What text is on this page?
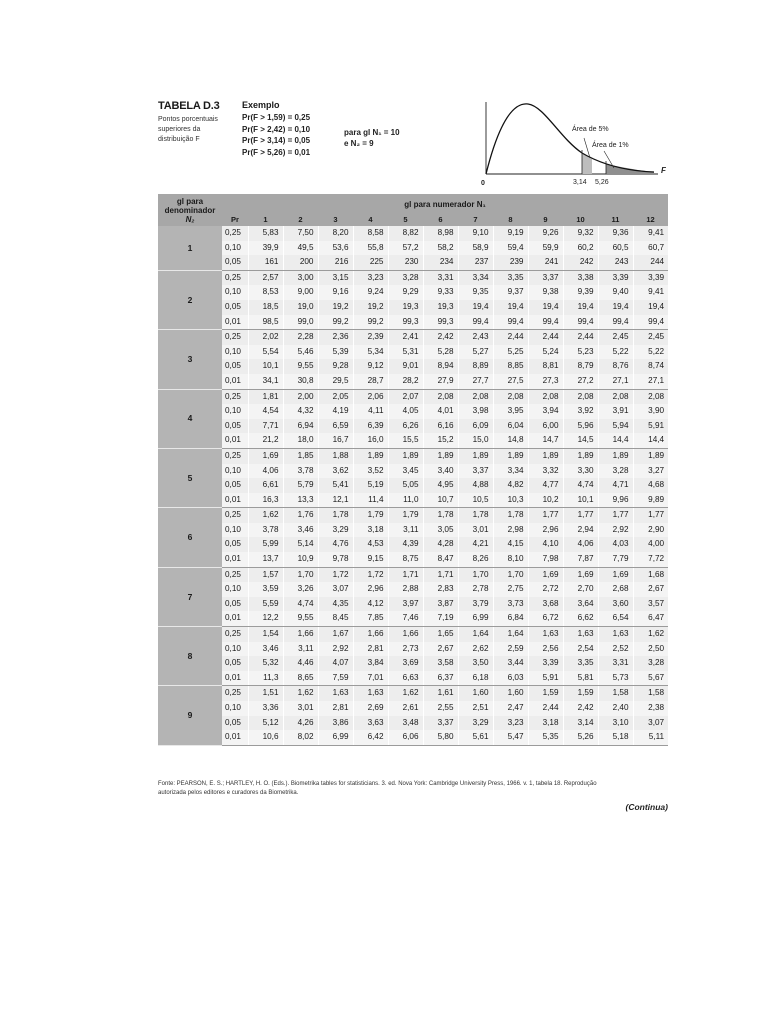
TABELA D.3
Pontos porcentuais
superiores da
distribuição F
Exemplo
Pr(F > 1,59) = 0,25
Pr(F > 2,42) = 0,10
Pr(F > 3,14) = 0,05
Pr(F > 5,26) = 0,01
para gl N₁ = 10
e N₂ = 9
Área de 5%
Área de 1%
F
0	3,14 5,26
gl para
denominador
N₂	gl para numerador N₁												
	Pr	1	2	3	4	5	6	7	8	9	10	11	12
1	0,25	5,83	7,50	8,20	8,58	8,82	8,98	9,10	9,19	9,26	9,32	9,36	9,41
	0,10	39,9	49,5	53,6	55,8	57,2	58,2	58,9	59,4	59,9	60,2	60,5	60,7
	0,05	161	200	216	225	230	234	237	239	241	242	243	244
2	0,25	2,57	3,00	3,15	3,23	3,28	3,31	3,34	3,35	3,37	3,38	3,39	3,39
	0,10	8,53	9,00	9,16	9,24	9,29	9,33	9,35	9,37	9,38	9,39	9,40	9,41
	0,05	18,5	19,0	19,2	19,2	19,3	19,3	19,4	19,4	19,4	19,4	19,4	19,4
	0,01	98,5	99,0	99,2	99,2	99,3	99,3	99,4	99,4	99,4	99,4	99,4	99,4
3	0,25	2,02	2,28	2,36	2,39	2,41	2,42	2,43	2,44	2,44	2,44	2,45	2,45
	0,10	5,54	5,46	5,39	5,34	5,31	5,28	5,27	5,25	5,24	5,23	5,22	5,22
	0,05	10,1	9,55	9,28	9,12	9,01	8,94	8,89	8,85	8,81	8,79	8,76	8,74
	0,01	34,1	30,8	29,5	28,7	28,2	27,9	27,7	27,5	27,3	27,2	27,1	27,1
4	0,25	1,81	2,00	2,05	2,06	2,07	2,08	2,08	2,08	2,08	2,08	2,08	2,08
	0,10	4,54	4,32	4,19	4,11	4,05	4,01	3,98	3,95	3,94	3,92	3,91	3,90
	0,05	7,71	6,94	6,59	6,39	6,26	6,16	6,09	6,04	6,00	5,96	5,94	5,91
	0,01	21,2	18,0	16,7	16,0	15,5	15,2	15,0	14,8	14,7	14,5	14,4	14,4
5	0,25	1,69	1,85	1,88	1,89	1,89	1,89	1,89	1,89	1,89	1,89	1,89	1,89
	0,10	4,06	3,78	3,62	3,52	3,45	3,40	3,37	3,34	3,32	3,30	3,28	3,27
	0,05	6,61	5,79	5,41	5,19	5,05	4,95	4,88	4,82	4,77	4,74	4,71	4,68
	0,01	16,3	13,3	12,1	11,4	11,0	10,7	10,5	10,3	10,2	10,1	9,96	9,89
6	0,25	1,62	1,76	1,78	1,79	1,79	1,78	1,78	1,78	1,77	1,77	1,77	1,77
	0,10	3,78	3,46	3,29	3,18	3,11	3,05	3,01	2,98	2,96	2,94	2,92	2,90
	0,05	5,99	5,14	4,76	4,53	4,39	4,28	4,21	4,15	4,10	4,06	4,03	4,00
	0,01	13,7	10,9	9,78	9,15	8,75	8,47	8,26	8,10	7,98	7,87	7,79	7,72
7	0,25	1,57	1,70	1,72	1,72	1,71	1,71	1,70	1,70	1,69	1,69	1,69	1,68
	0,10	3,59	3,26	3,07	2,96	2,88	2,83	2,78	2,75	2,72	2,70	2,68	2,67
	0,05	5,59	4,74	4,35	4,12	3,97	3,87	3,79	3,73	3,68	3,64	3,60	3,57
	0,01	12,2	9,55	8,45	7,85	7,46	7,19	6,99	6,84	6,72	6,62	6,54	6,47
8	0,25	1,54	1,66	1,67	1,66	1,66	1,65	1,64	1,64	1,63	1,63	1,63	1,62
	0,10	3,46	3,11	2,92	2,81	2,73	2,67	2,62	2,59	2,56	2,54	2,52	2,50
	0,05	5,32	4,46	4,07	3,84	3,69	3,58	3,50	3,44	3,39	3,35	3,31	3,28
	0,01	11,3	8,65	7,59	7,01	6,63	6,37	6,18	6,03	5,91	5,81	5,73	5,67
9	0,25	1,51	1,62	1,63	1,63	1,62	1,61	1,60	1,60	1,59	1,59	1,58	1,58
	0,10	3,36	3,01	2,81	2,69	2,61	2,55	2,51	2,47	2,44	2,42	2,40	2,38
	0,05	5,12	4,26	3,86	3,63	3,48	3,37	3,29	3,23	3,18	3,14	3,10	3,07
	0,01	10,6	8,02	6,99	6,42	6,06	5,80	5,61	5,47	5,35	5,26	5,18	5,11
Fonte: PEARSON, E. S.; HARTLEY, H. O. (Eds.). Biometrika tables for statisticians. 3. ed. Nova York: Cambridge University Press, 1966. v. 1, tabela 18. Reprodução
autorizada pelos editores e curadores da Biometrika.
(Continua)
